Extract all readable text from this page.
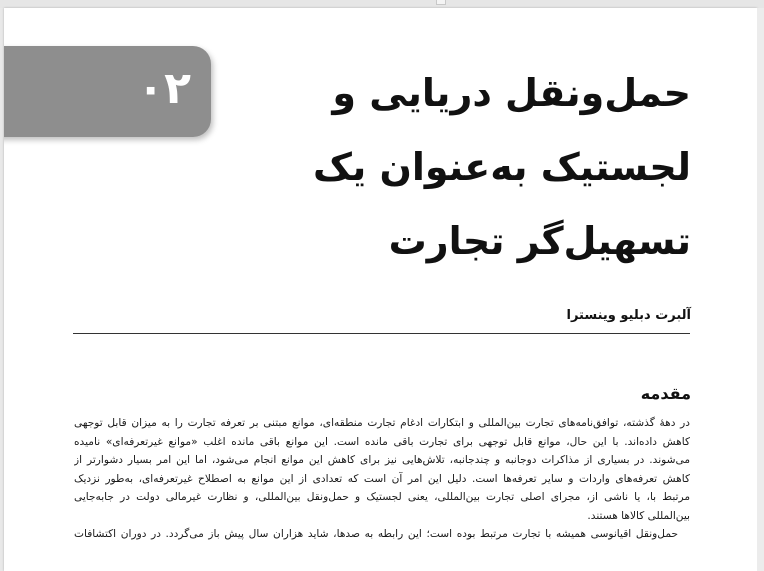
۰۲	حمل‌ونقل دریایی و
لجستیک به‌عنوان یک
تسهیل‌گر تجارت
آلبرت دبلیو وینسترا
مقدمه
در دههٔ گذشته، توافق‌نامه‌های تجارت بین‌المللی و ابتکارات ادغام تجارت منطقه‌ای، موانع مبتنی بر تعرفه تجارت را به میزان قابل توجهی
کاهش داده‌اند. با این حال، موانع قابل توجهی برای تجارت باقی مانده است. این موانع باقی مانده اغلب «موانع غیرتعرفه‌ای» نامیده
می‌شوند. در بسیاری از مذاکرات دوجانبه و چندجانبه، تلاش‌هایی نیز برای کاهش این موانع انجام می‌شود، اما این امر بسیار دشوارتر از
کاهش تعرفه‌های واردات و سایر تعرفه‌ها است. دلیل این امر آن است که تعدادی از این موانع به اصطلاح غیرتعرفه‌ای، به‌طور نزدیک
مرتبط با، یا ناشی از، مجرای اصلی تجارت بین‌المللی، یعنی لجستیک و حمل‌ونقل بین‌المللی، و نظارت غیرمالی دولت در جابه‌جایی
بین‌المللی کالاها هستند.
حمل‌ونقل اقیانوسی همیشه با تجارت مرتبط بوده است؛ این رابطه به صدها، شاید هزاران سال پیش باز می‌گردد. در دوران اکتشافات
